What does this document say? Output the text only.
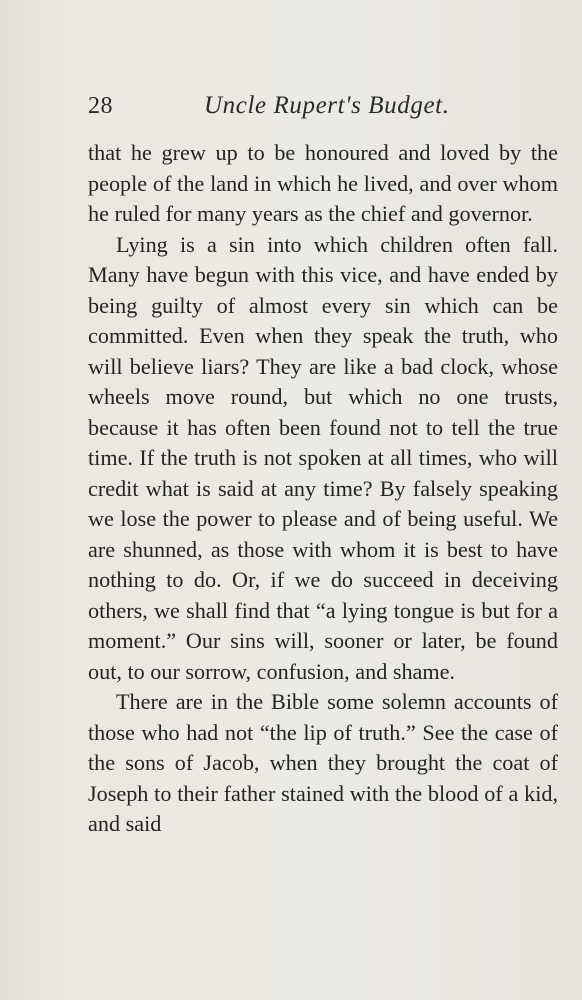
28	Uncle Rupert's Budget.

that he grew up to be honoured and loved by the people of the land in which he lived, and over whom he ruled for many years as the chief and governor.

Lying is a sin into which children often fall. Many have begun with this vice, and have ended by being guilty of almost every sin which can be committed. Even when they speak the truth, who will believe liars? They are like a bad clock, whose wheels move round, but which no one trusts, because it has often been found not to tell the true time. If the truth is not spoken at all times, who will credit what is said at any time? By falsely speaking we lose the power to please and of being useful. We are shunned, as those with whom it is best to have nothing to do. Or, if we do succeed in deceiving others, we shall find that “a lying tongue is but for a moment.” Our sins will, sooner or later, be found out, to our sorrow, confusion, and shame.

There are in the Bible some solemn accounts of those who had not “the lip of truth.” See the case of the sons of Jacob, when they brought the coat of Joseph to their father stained with the blood of a kid, and said
